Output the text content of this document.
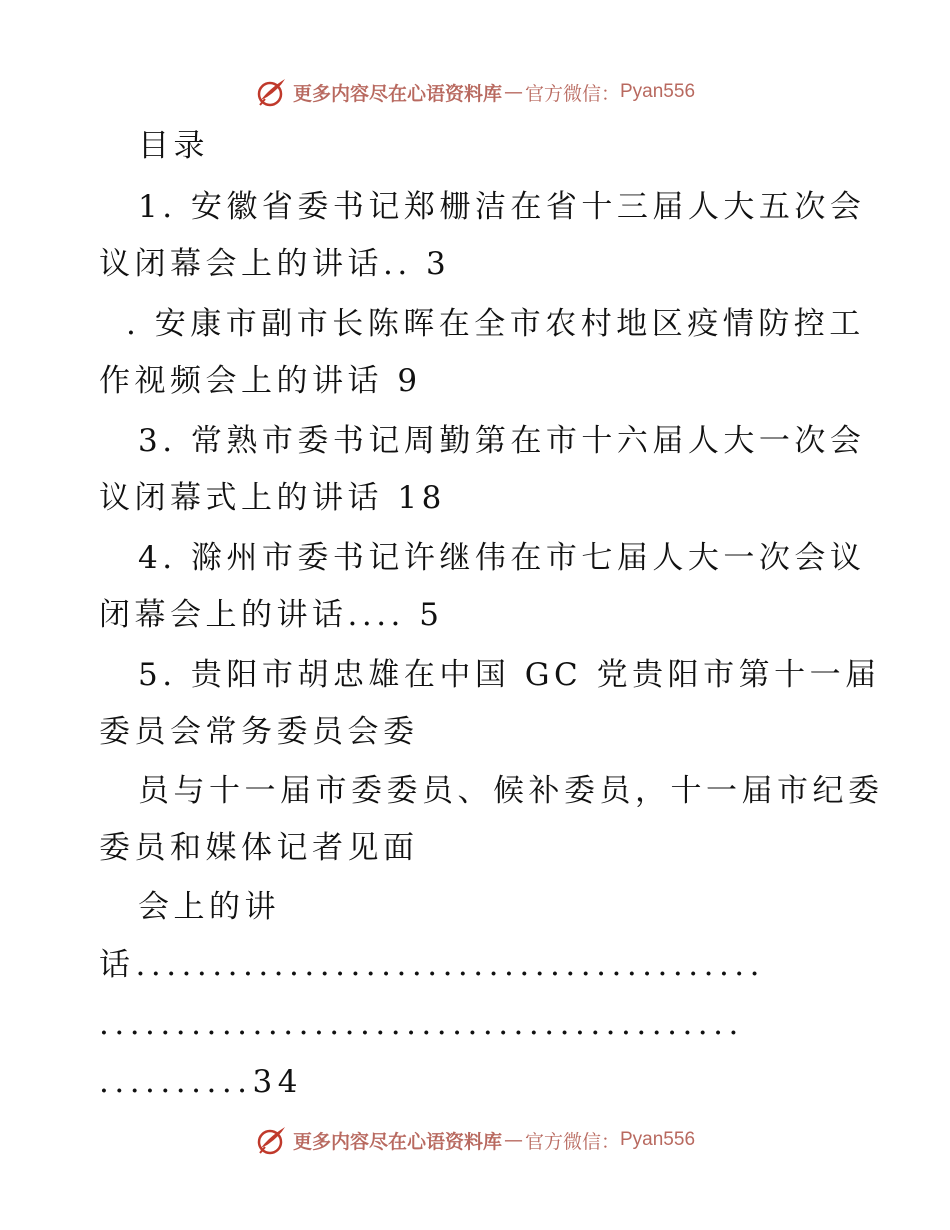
更多内容尽在心语资料库 — 官方微信： Pyan556
目录
1. 安徽省委书记郑栅洁在省十三届人大五次会
议闭幕会上的讲话.. 3
. 安康市副市长陈晖在全市农村地区疫情防控工
作视频会上的讲话 9
3. 常熟市委书记周勤第在市十六届人大一次会
议闭幕式上的讲话 18
4. 滁州市委书记许继伟在市七届人大一次会议
闭幕会上的讲话.... 5
5. 贵阳市胡忠雄在中国 GC 党贵阳市第十一届
委员会常务委员会委
员与十一届市委委员、候补委员，十一届市纪委
委员和媒体记者见面
会上的讲
话.........................................
..........................................
..........34
更多内容尽在心语资料库 — 官方微信： Pyan556
